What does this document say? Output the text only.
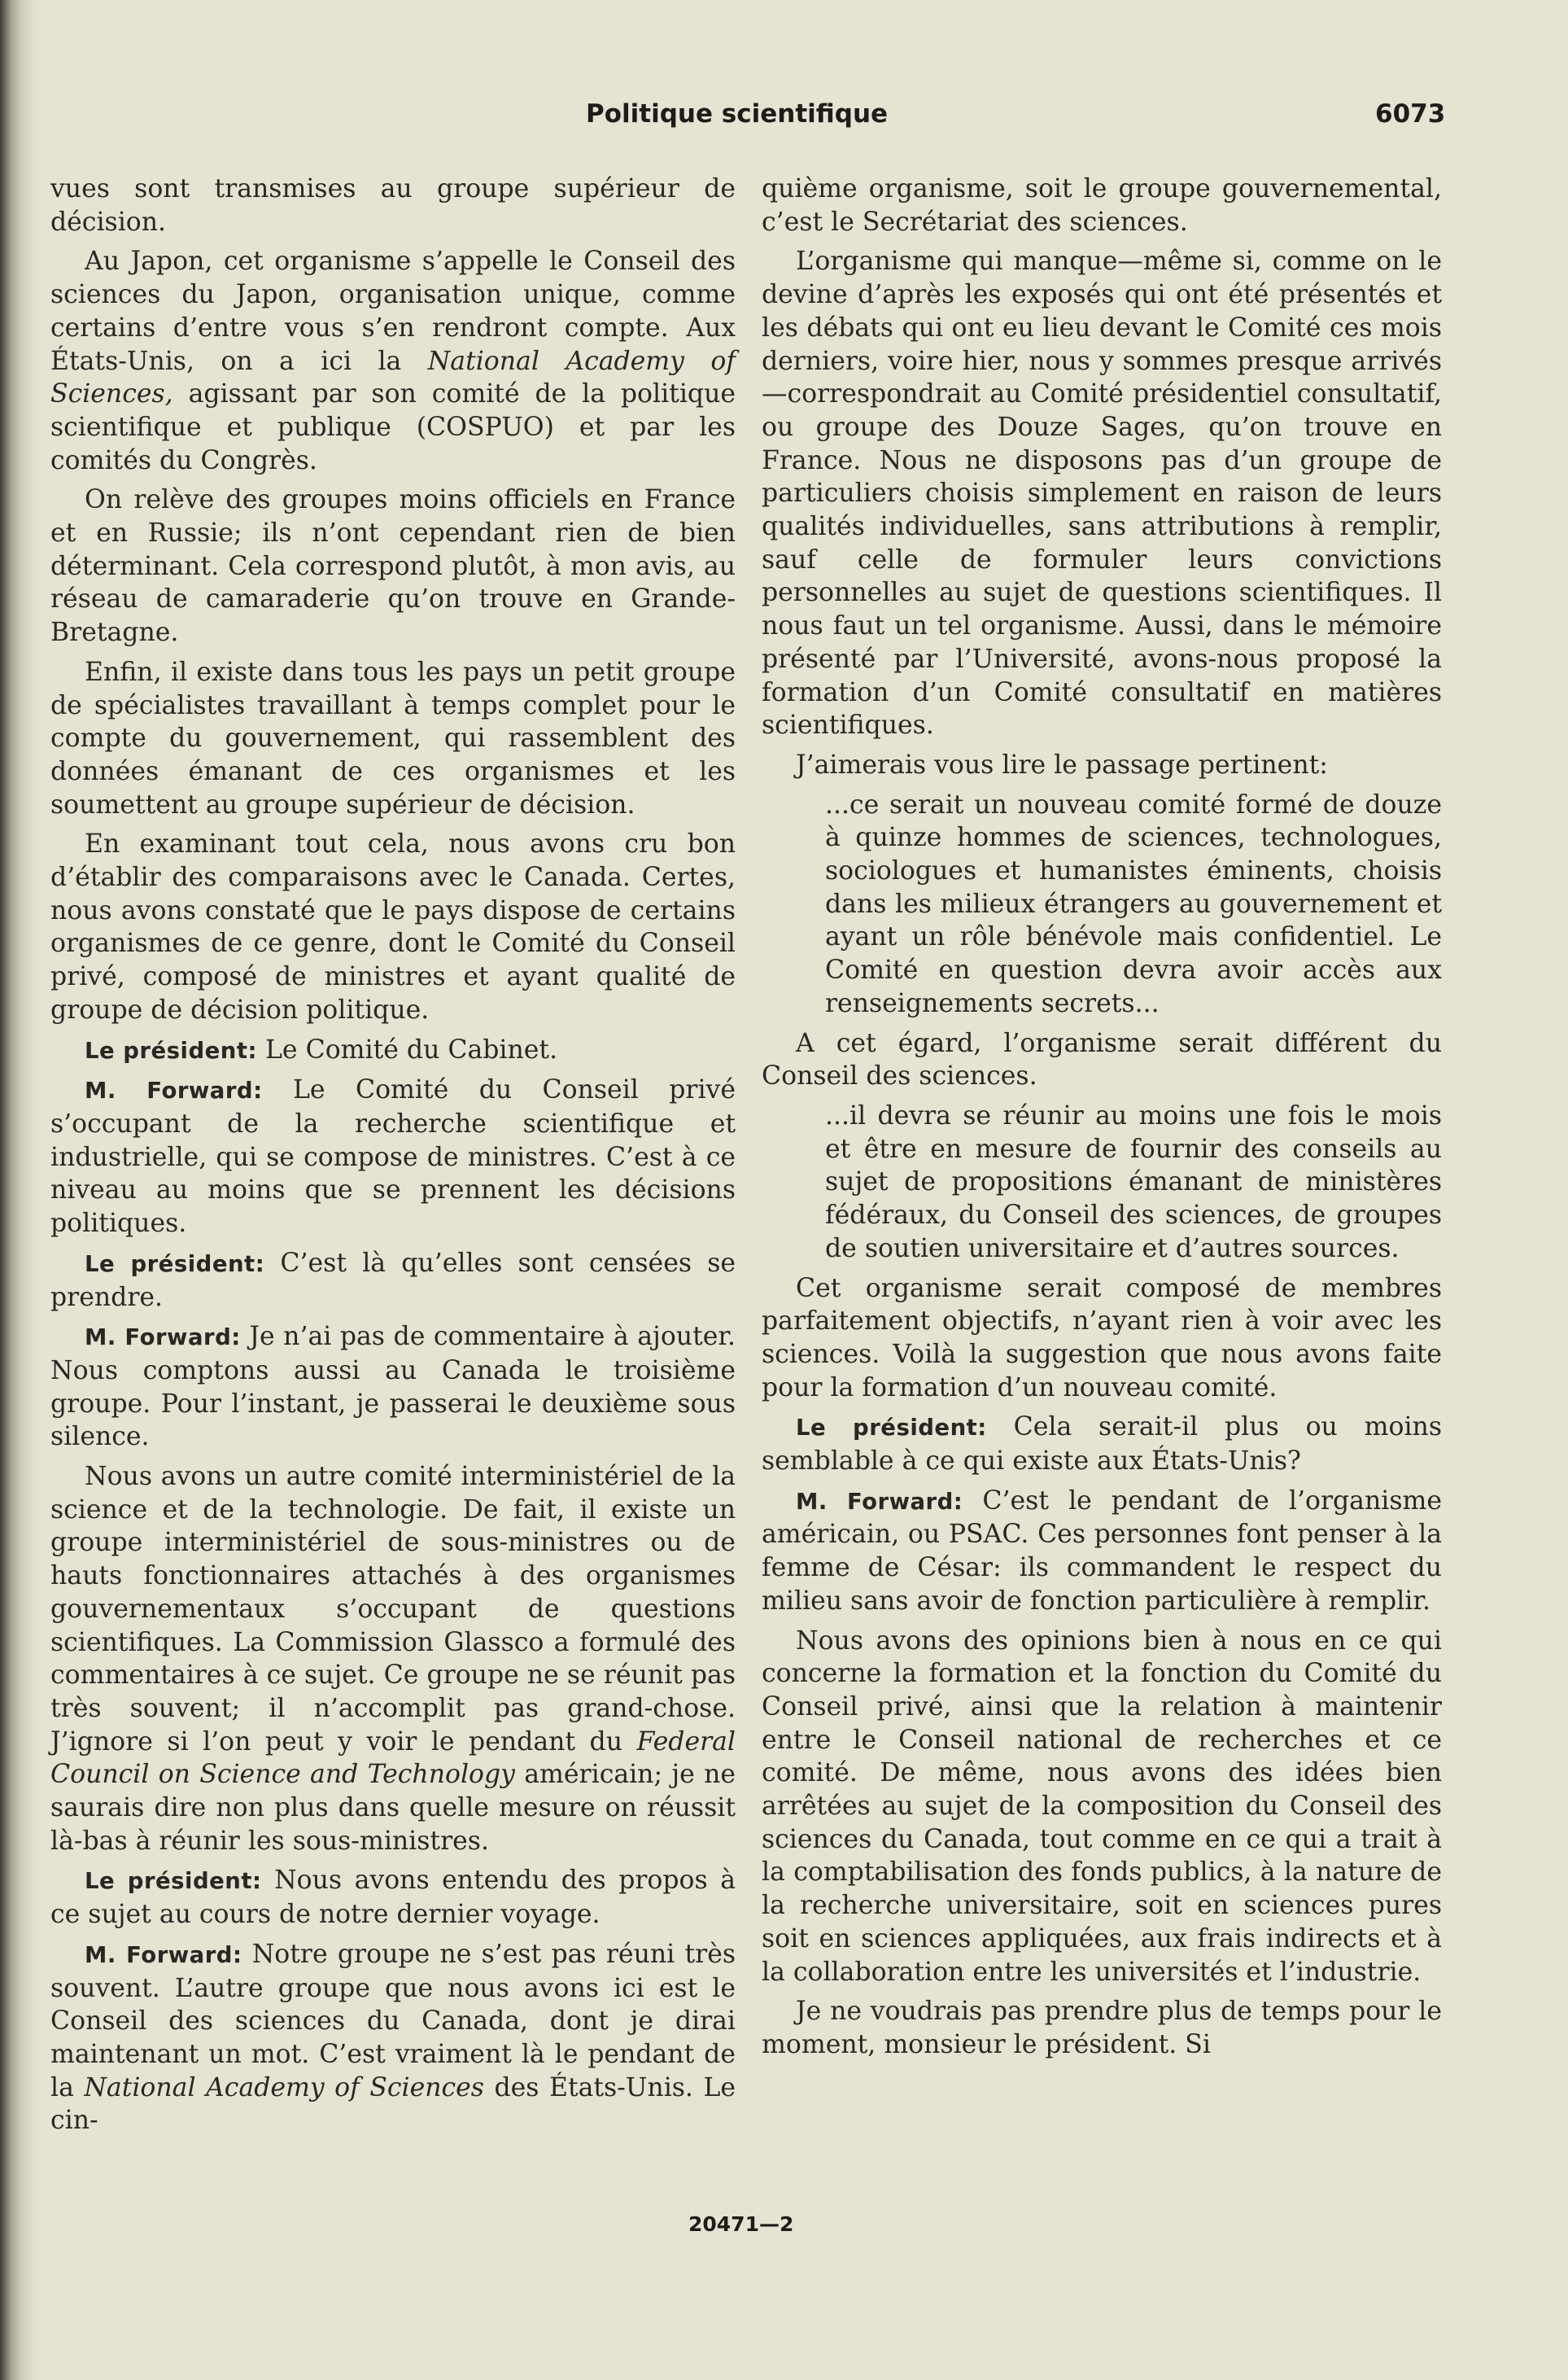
Politique scientifique	6073

vues sont transmises au groupe supérieur de décision.

Au Japon, cet organisme s’appelle le Conseil des sciences du Japon, organisation unique, comme certains d’entre vous s’en rendront compte. Aux États-Unis, on a ici la National Academy of Sciences, agissant par son comité de la politique scientifique et publique (COSPUO) et par les comités du Congrès.

On relève des groupes moins officiels en France et en Russie; ils n’ont cependant rien de bien déterminant. Cela correspond plutôt, à mon avis, au réseau de camaraderie qu’on trouve en Grande-Bretagne.

Enfin, il existe dans tous les pays un petit groupe de spécialistes travaillant à temps complet pour le compte du gouvernement, qui rassemblent des données émanant de ces organismes et les soumettent au groupe supérieur de décision.

En examinant tout cela, nous avons cru bon d’établir des comparaisons avec le Canada. Certes, nous avons constaté que le pays dispose de certains organismes de ce genre, dont le Comité du Conseil privé, composé de ministres et ayant qualité de groupe de décision politique.

Le président: Le Comité du Cabinet.

M. Forward: Le Comité du Conseil privé s’occupant de la recherche scientifique et industrielle, qui se compose de ministres. C’est à ce niveau au moins que se prennent les décisions politiques.

Le président: C’est là qu’elles sont censées se prendre.

M. Forward: Je n’ai pas de commentaire à ajouter. Nous comptons aussi au Canada le troisième groupe. Pour l’instant, je passerai le deuxième sous silence.

Nous avons un autre comité interministériel de la science et de la technologie. De fait, il existe un groupe interministériel de sous-ministres ou de hauts fonctionnaires attachés à des organismes gouvernementaux s’occupant de questions scientifiques. La Commission Glassco a formulé des commentaires à ce sujet. Ce groupe ne se réunit pas très souvent; il n’accomplit pas grand-chose. J’ignore si l’on peut y voir le pendant du Federal Council on Science and Technology américain; je ne saurais dire non plus dans quelle mesure on réussit là-bas à réunir les sous-ministres.

Le président: Nous avons entendu des propos à ce sujet au cours de notre dernier voyage.

M. Forward: Notre groupe ne s’est pas réuni très souvent. L’autre groupe que nous avons ici est le Conseil des sciences du Canada, dont je dirai maintenant un mot. C’est vraiment là le pendant de la National Academy of Sciences des États-Unis. Le cin-

quième organisme, soit le groupe gouvernemental, c’est le Secrétariat des sciences.

L’organisme qui manque—même si, comme on le devine d’après les exposés qui ont été présentés et les débats qui ont eu lieu devant le Comité ces mois derniers, voire hier, nous y sommes presque arrivés—correspondrait au Comité présidentiel consultatif, ou groupe des Douze Sages, qu’on trouve en France. Nous ne disposons pas d’un groupe de particuliers choisis simplement en raison de leurs qualités individuelles, sans attributions à remplir, sauf celle de formuler leurs convictions personnelles au sujet de questions scientifiques. Il nous faut un tel organisme. Aussi, dans le mémoire présenté par l’Université, avons-nous proposé la formation d’un Comité consultatif en matières scientifiques.

J’aimerais vous lire le passage pertinent:

...ce serait un nouveau comité formé de douze à quinze hommes de sciences, technologues, sociologues et humanistes éminents, choisis dans les milieux étrangers au gouvernement et ayant un rôle bénévole mais confidentiel. Le Comité en question devra avoir accès aux renseignements secrets...

A cet égard, l’organisme serait différent du Conseil des sciences.

...il devra se réunir au moins une fois le mois et être en mesure de fournir des conseils au sujet de propositions émanant de ministères fédéraux, du Conseil des sciences, de groupes de soutien universitaire et d’autres sources.

Cet organisme serait composé de membres parfaitement objectifs, n’ayant rien à voir avec les sciences. Voilà la suggestion que nous avons faite pour la formation d’un nouveau comité.

Le président: Cela serait-il plus ou moins semblable à ce qui existe aux États-Unis?

M. Forward: C’est le pendant de l’organisme américain, ou PSAC. Ces personnes font penser à la femme de César: ils commandent le respect du milieu sans avoir de fonction particulière à remplir.

Nous avons des opinions bien à nous en ce qui concerne la formation et la fonction du Comité du Conseil privé, ainsi que la relation à maintenir entre le Conseil national de recherches et ce comité. De même, nous avons des idées bien arrêtées au sujet de la composition du Conseil des sciences du Canada, tout comme en ce qui a trait à la comptabilisation des fonds publics, à la nature de la recherche universitaire, soit en sciences pures soit en sciences appliquées, aux frais indirects et à la collaboration entre les universités et l’industrie.

Je ne voudrais pas prendre plus de temps pour le moment, monsieur le président. Si

20471—2
